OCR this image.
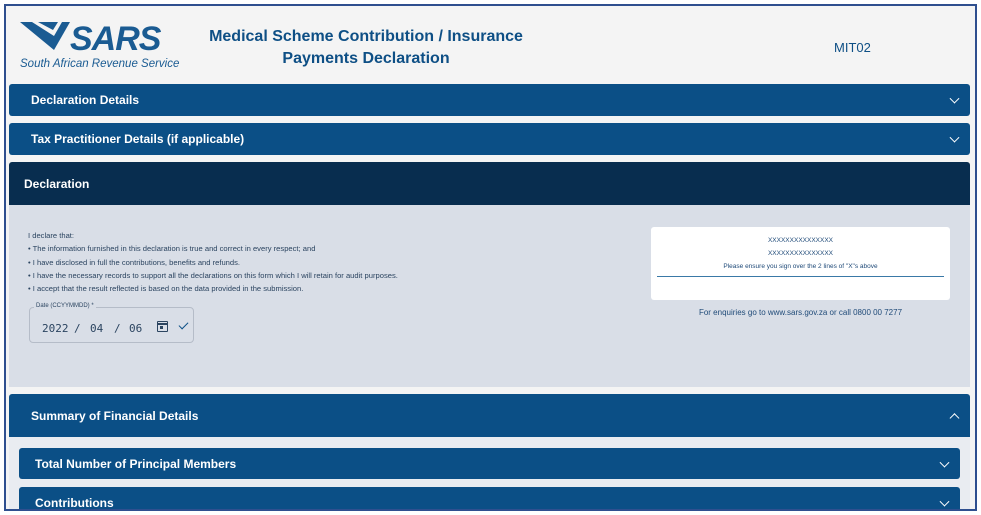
SARS
South African Revenue Service
Medical Scheme Contribution / Insurance
Payments Declaration
MIT02
Declaration Details
Tax Practitioner Details (if applicable)
Declaration
I declare that:
• The information furnished in this declaration is true and correct in every respect; and
• I have disclosed in full the contributions, benefits and refunds.
• I have the necessary records to support all the declarations on this form which I will retain for audit purposes.
• I accept that the result reflected is based on the data provided in the submission.
Date (CCYYMMDD) *
2022 / 04 / 06
XXXXXXXXXXXXXXX
XXXXXXXXXXXXXXX
Please ensure you sign over the 2 lines of "X"s above
For enquiries go to www.sars.gov.za or call 0800 00 7277
Summary of Financial Details
Total Number of Principal Members
Contributions
